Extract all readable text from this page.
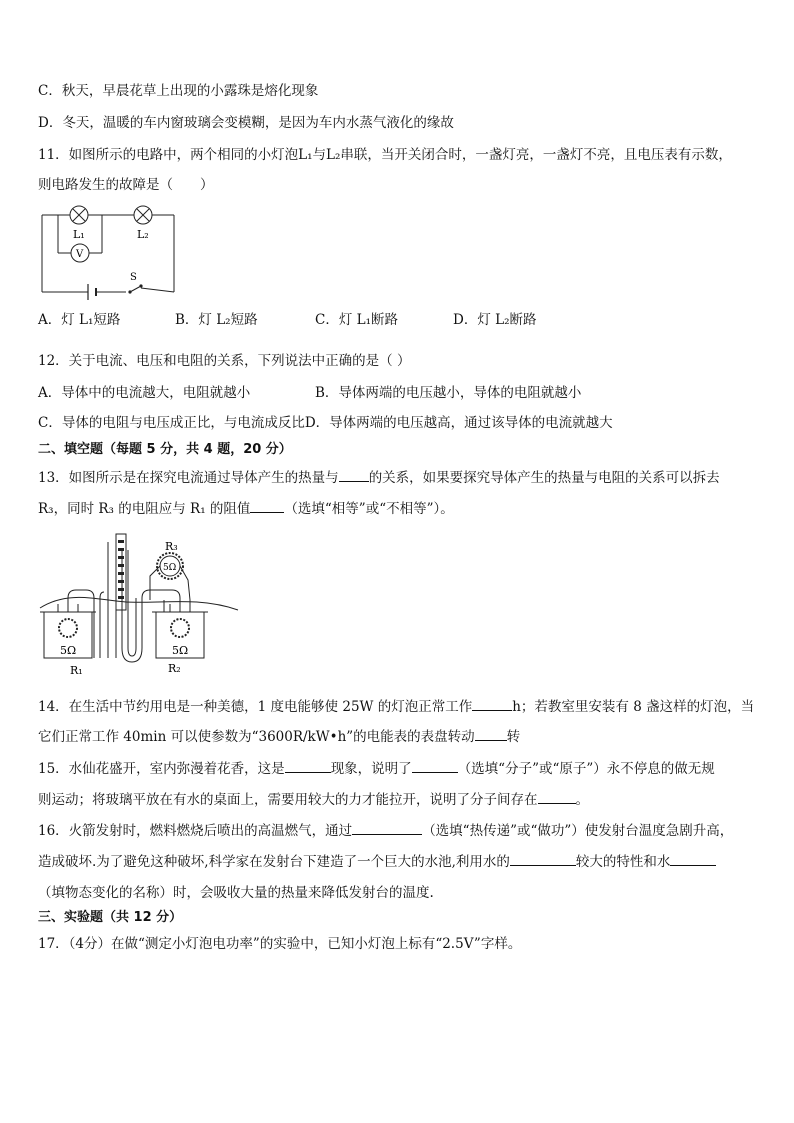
C．秋天，早晨花草上出现的小露珠是熔化现象
D．冬天，温暖的车内窗玻璃会变模糊，是因为车内水蒸气液化的缘故
11．如图所示的电路中，两个相同的小灯泡L₁与L₂串联，当开关闭合时，一盏灯亮，一盏灯不亮，且电压表有示数，
则电路发生的故障是（　　）
L₁	L₂
V
S
A．灯 L₁短路	B．灯 L₂短路	C．灯 L₁断路	D．灯 L₂断路
12．关于电流、电压和电阻的关系，下列说法中正确的是（ ）
A．导体中的电流越大，电阻就越小	B．导体两端的电压越小，导体的电阻就越小
C．导体的电阻与电压成正比，与电流成反比D．导体两端的电压越高，通过该导体的电流就越大
二、填空题（每题 5 分，共 4 题，20 分）
13．如图所示是在探究电流通过导体产生的热量与 的关系，如果要探究导体产生的热量与电阻的关系可以拆去
R₃，同时 R₃ 的电阻应与 R₁ 的阻值	（选填“相等”或“不相等”）。
5Ω	5Ω
5Ω
R₁	R₂
R₃
14．在生活中节约用电是一种美德，1 度电能够使 25W 的灯泡正常工作	h；若教室里安装有 8 盏这样的灯泡，当
它们正常工作 40min 可以使参数为“3600R/kW•h”的电能表的表盘转动 转
15．水仙花盛开，室内弥漫着花香，这是	现象，说明了	（选填“分子”或“原子”）永不停息的做无规
则运动；将玻璃平放在有水的桌面上，需要用较大的力才能拉开，说明了分子间存在	。
16．火箭发射时，燃料燃烧后喷出的高温燃气，通过	（选填“热传递”或“做功”）使发射台温度急剧升高，
造成破坏.为了避免这种破坏,科学家在发射台下建造了一个巨大的水池,利用水的	较大的特性和水
（填物态变化的名称）时，会吸收大量的热量来降低发射台的温度.
三、实验题（共 12 分）
17．（4分）在做“测定小灯泡电功率”的实验中，已知小灯泡上标有“2.5V”字样。
